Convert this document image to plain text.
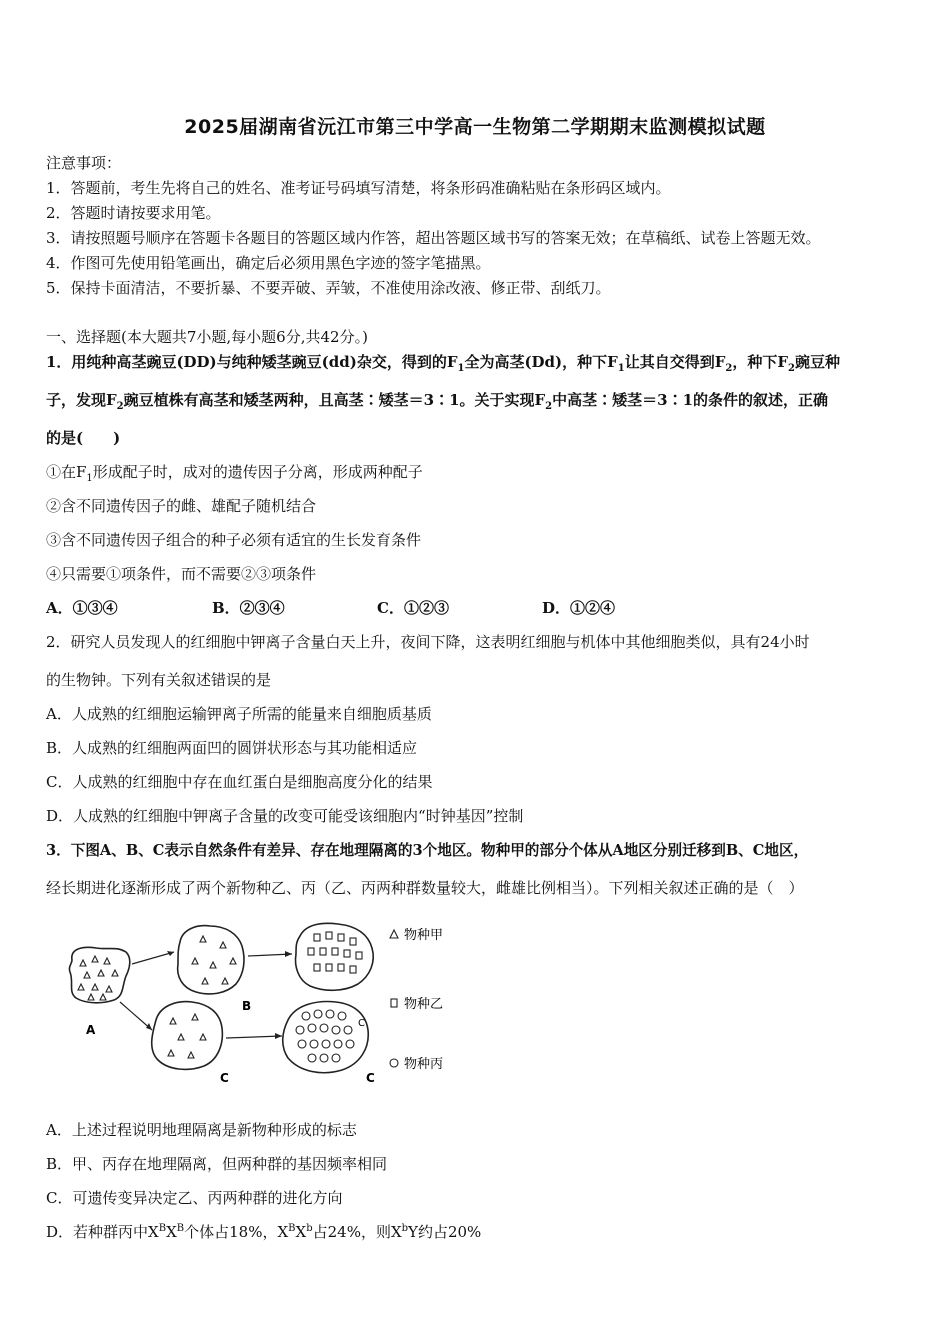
2025届湖南省沅江市第三中学高一生物第二学期期末监测模拟试题
注意事项：
1．答题前，考生先将自己的姓名、准考证号码填写清楚，将条形码准确粘贴在条形码区域内。
2．答题时请按要求用笔。
3．请按照题号顺序在答题卡各题目的答题区域内作答，超出答题区域书写的答案无效；在草稿纸、试卷上答题无效。
4．作图可先使用铅笔画出，确定后必须用黑色字迹的签字笔描黑。
5．保持卡面清洁，不要折暴、不要弄破、弄皱，不准使用涂改液、修正带、刮纸刀。
一、选择题(本大题共7小题,每小题6分,共42分。)
1．用纯种高茎豌豆(DD)与纯种矮茎豌豆(dd)杂交，得到的$F_1$全为高茎(Dd)，种下$F_1$让其自交得到$F_2$，种下$F_2$豌豆种
子，发现$F_2$豌豆植株有高茎和矮茎两种，且高茎∶矮茎＝3∶1。关于实现$F_2$中高茎∶矮茎＝3∶1的条件的叙述，正确
的是(　　)
①在$F_1$形成配子时，成对的遗传因子分离，形成两种配子
②含不同遗传因子的雌、雄配子随机结合
③含不同遗传因子组合的种子必须有适宜的生长发育条件
④只需要①项条件，而不需要②③项条件
A．①③④	B．②③④	C．①②③	D．①②④
2．研究人员发现人的红细胞中钾离子含量白天上升，夜间下降，这表明红细胞与机体中其他细胞类似，具有24小时
的生物钟。下列有关叙述错误的是
A．人成熟的红细胞运输钾离子所需的能量来自细胞质基质
B．人成熟的红细胞两面凹的圆饼状形态与其功能相适应
C．人成熟的红细胞中存在血红蛋白是细胞高度分化的结果
D．人成熟的红细胞中钾离子含量的改变可能受该细胞内“时钟基因”控制
3．下图A、B、C表示自然条件有差异、存在地理隔离的3个地区。物种甲的部分个体从A地区分别迁移到B、C地区，
经长期进化逐渐形成了两个新物种乙、丙（乙、丙两种群数量较大，雌雄比例相当）。下列相关叙述正确的是（　）
A
B
C
C
C
物种甲
物种乙
物种丙
A．上述过程说明地理隔离是新物种形成的标志
B．甲、丙存在地理隔离，但两种群的基因频率相同
C．可遗传变异决定乙、丙两种群的进化方向
D．若种群丙中$X^BX^B$个体占18%，$X^BX^b$占24%，则$X^bY$约占20%
